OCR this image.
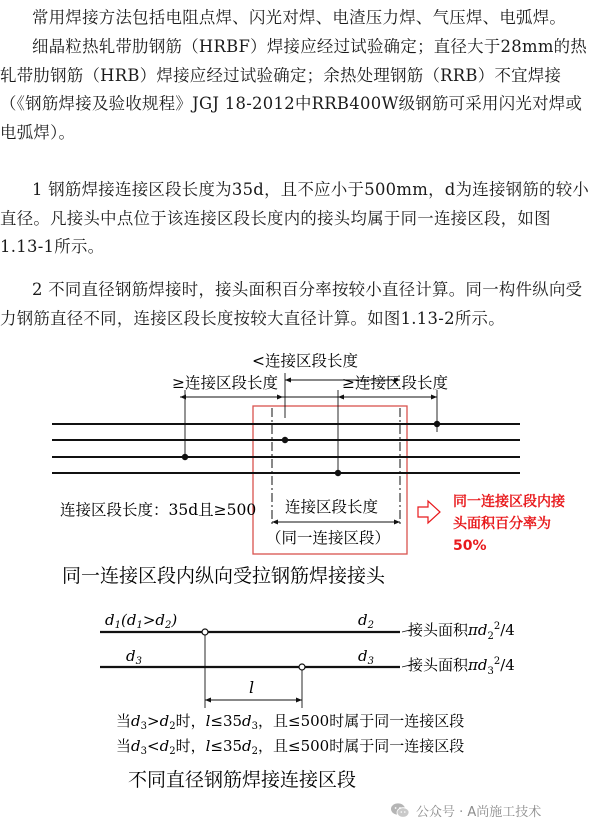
常用焊接方法包括电阻点焊、闪光对焊、电渣压力焊、气压焊、电弧焊。

细晶粒热轧带肋钢筋（HRBF）焊接应经过试验确定；直径大于28mm的热轧带肋钢筋（HRB）焊接应经过试验确定；余热处理钢筋（RRB）不宜焊接（《钢筋焊接及验收规程》JGJ 18-2012中RRB400W级钢筋可采用闪光对焊或电弧焊）。

1 钢筋焊接连接区段长度为35d，且不应小于500mm，d为连接钢筋的较小直径。凡接头中点位于该连接区段长度内的接头均属于同一连接区段，如图1.13-1所示。

2 不同直径钢筋焊接时，接头面积百分率按较小直径计算。同一构件纵向受力钢筋直径不同，连接区段长度按较大直径计算。如图1.13-2所示。

<连接区段长度
≥连接区段长度	≥连接区段长度
连接区段长度：35d且≥500 连接区段长度
（同一连接区段）
同一连接区段内接
头面积百分率为
50%
同一连接区段内纵向受拉钢筋焊接接头
$d_1(d_1>d_2)$	$d_2$ 接头面积$\pi d_2^2/4$
$d_3$	$d_3$ 接头面积$\pi d_3^2/4$
l
当$d_3>d_2$时，$l\le 35d_3$，且≤500时属于同一连接区段
当$d_3<d_2$时，$l\le 35d_2$，且≤500时属于同一连接区段
不同直径钢筋焊接连接区段
公众号 · A尚施工技术
